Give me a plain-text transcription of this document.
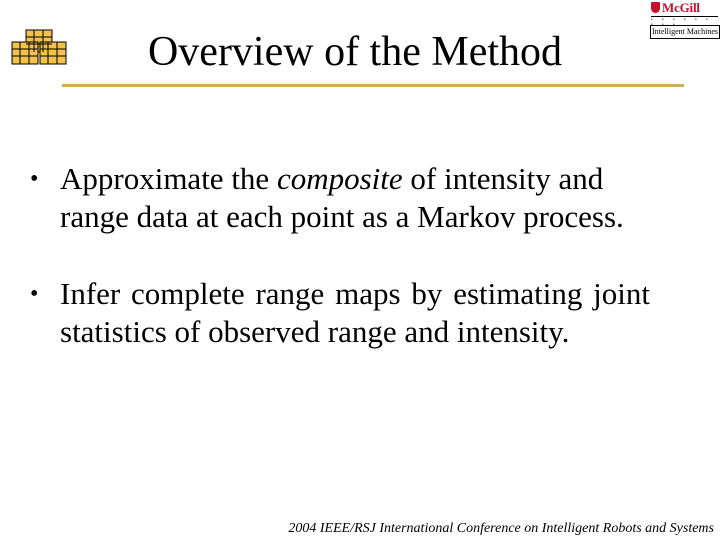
McGill
• • • • • • • • •
Intelligent Machines
Overview of the Method
• Approximate the composite of intensity and range data at each point as a Markov process.
• Infer complete range maps by estimating joint statistics of observed range and intensity.
2004 IEEE/RSJ International Conference on Intelligent Robots and Systems
